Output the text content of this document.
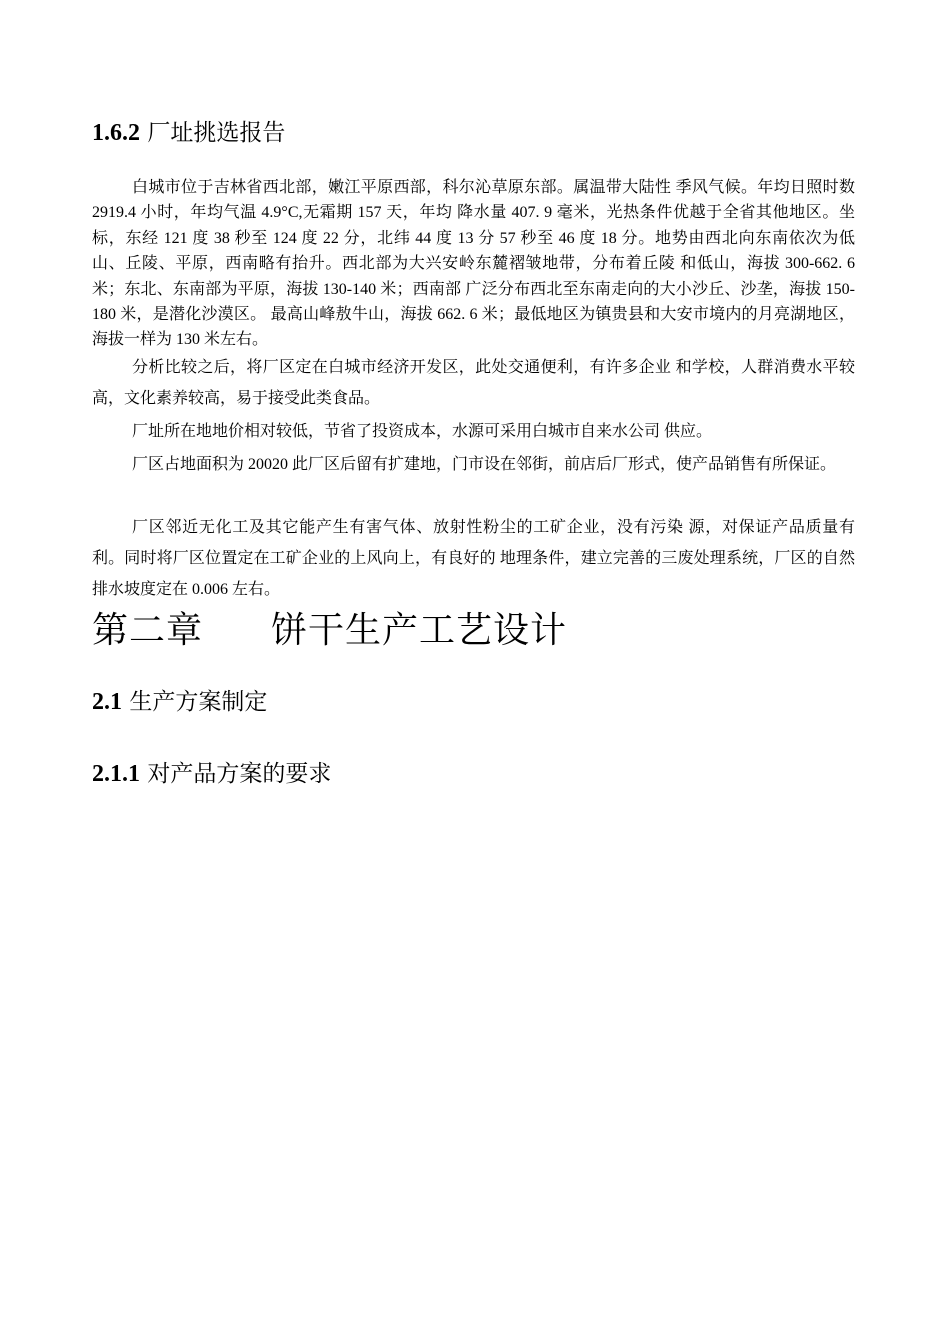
1.6.2 厂址挑选报告

白城市位于吉林省西北部，嫩江平原西部，科尔沁草原东部。属温带大陆性 季风气候。年均日照时数 2919.4 小时，年均气温 4.9°C,无霜期 157 天，年均 降水量 407. 9 毫米，光热条件优越于全省其他地区。坐标，东经 121 度 38 秒至 124 度 22 分，北纬 44 度 13 分 57 秒至 46 度 18 分。地势由西北向东南依次为低 山、丘陵、平原，西南略有抬升。西北部为大兴安岭东麓褶皱地带，分布着丘陵 和低山，海拔 300-662. 6 米；东北、东南部为平原，海拔 130-140 米；西南部 广泛分布西北至东南走向的大小沙丘、沙垄，海拔 150-180 米，是潜化沙漠区。 最高山峰敖牛山，海拔 662. 6 米；最低地区为镇贵县和大安市境内的月亮湖地区， 海拔一样为 130 米左右。

分析比较之后，将厂区定在白城市经济开发区，此处交通便利，有许多企业 和学校，人群消费水平较高，文化素养较高，易于接受此类食品。

厂址所在地地价相对较低，节省了投资成本，水源可采用白城市自来水公司 供应。

厂区占地面积为 20020 此厂区后留有扩建地，门市设在邻街，前店后厂形式，使产品销售有所保证。

厂区邻近无化工及其它能产生有害气体、放射性粉尘的工矿企业，没有污染 源，对保证产品质量有利。同时将厂区位置定在工矿企业的上风向上，有良好的 地理条件，建立完善的三废处理系统，厂区的自然排水坡度定在 0.006 左右。

第二章 饼干生产工艺设计
2.1 生产方案制定
2.1.1 对产品方案的要求
